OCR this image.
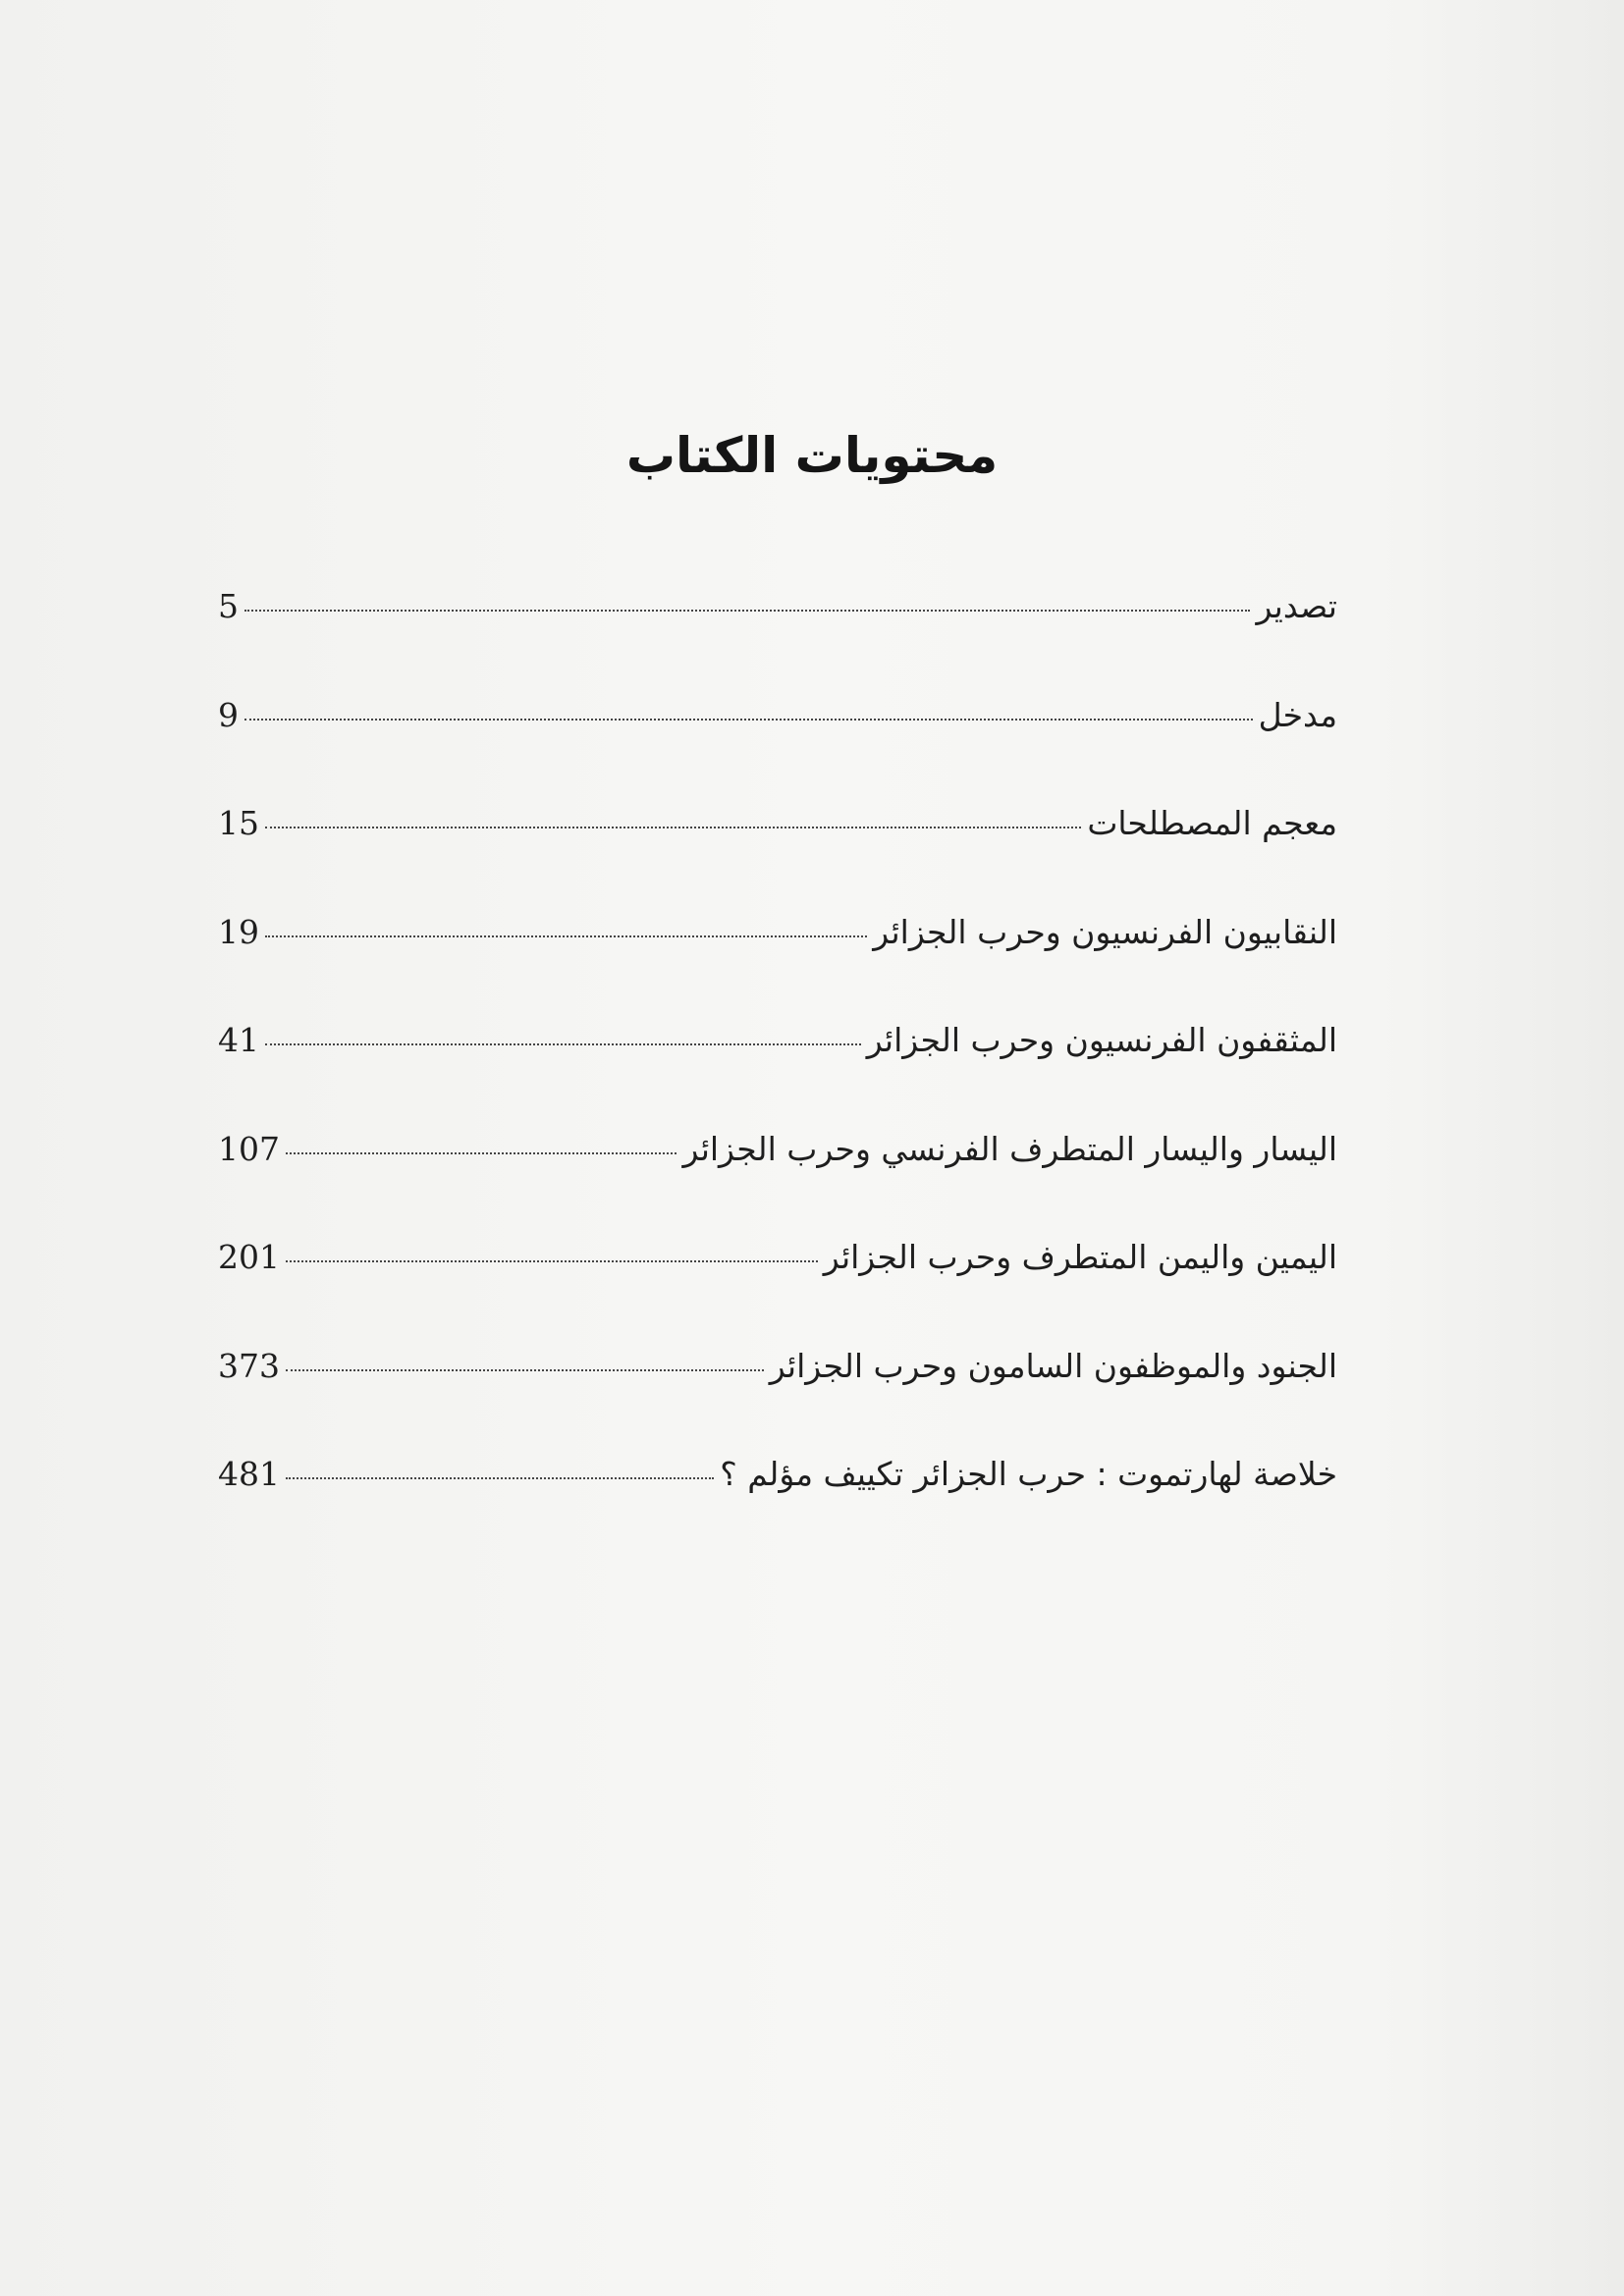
محتويات الكتاب
5	تصدير
9	مدخل
15	معجم المصطلحات
19	النقابيون الفرنسيون وحرب الجزائر
41	المثقفون الفرنسيون وحرب الجزائر
107	اليسار واليسار المتطرف الفرنسي وحرب الجزائر
201	اليمين واليمن المتطرف وحرب الجزائر
373	الجنود والموظفون السامون وحرب الجزائر
481	خلاصة لهارتموت : حرب الجزائر تكييف مؤلم ؟
